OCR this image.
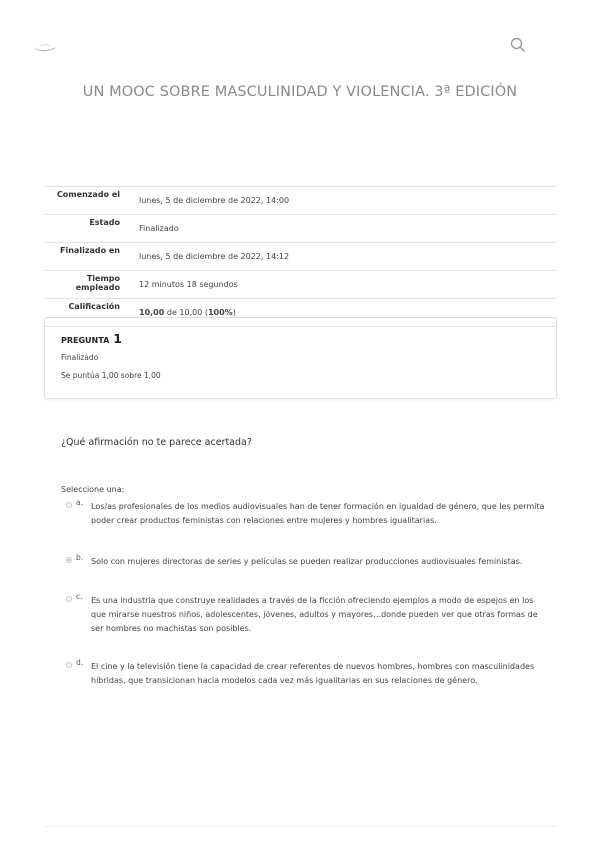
UN MOOC SOBRE MASCULINIDAD Y VIOLENCIA. 3ª EDICIÓN
Comenzado el	lunes, 5 de diciembre de 2022, 14:00
Estado	Finalizado
Finalizado en	lunes, 5 de diciembre de 2022, 14:12
Tiempo empleado	12 minutos 18 segundos
Calificación	10,00 de 10,00 (100%)
PREGUNTA 1
Finalizado
Se puntúa 1,00 sobre 1,00
¿Qué afirmación no te parece acertada?
Seleccione una:
a. Los/as profesionales de los medios audiovisuales han de tener formación en igualdad de género, que les permita poder crear productos feministas con relaciones entre mujeres y hombres igualitarias.
b. Solo con mujeres directoras de series y películas se pueden realizar producciones audiovisuales feministas.
c. Es una industria que construye realidades a través de la ficción ofreciendo ejemplos a modo de espejos en los que mirarse nuestros niños, adolescentes, jóvenes, adultos y mayores…donde pueden ver que otras formas de ser hombres no machistas son posibles.
d. El cine y la televisión tiene la capacidad de crear referentes de nuevos hombres, hombres con masculinidades híbridas, que transicionan hacia modelos cada vez más igualitarias en sus relaciones de género.
